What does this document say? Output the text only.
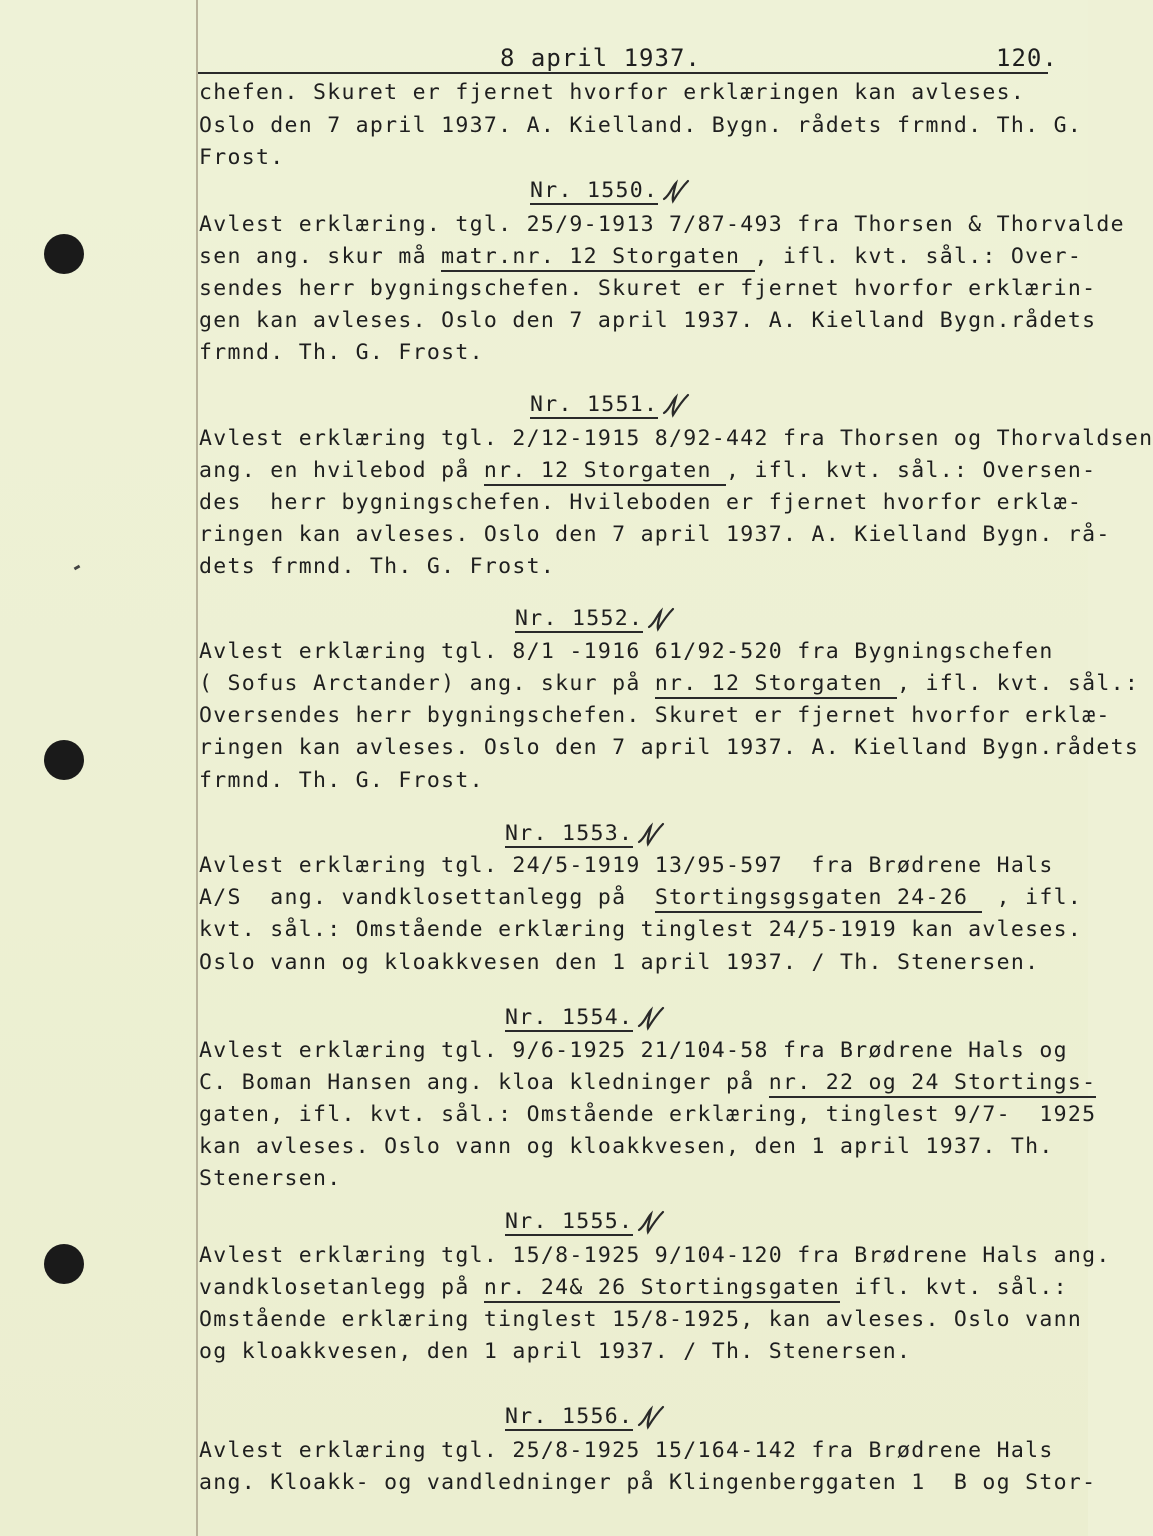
8 april 1937.	120.
chefen. Skuret er fjernet hvorfor erklæringen kan avleses.
Oslo den 7 april 1937. A. Kielland. Bygn. rådets frmnd. Th. G.
Frost.
Nr. 1550.
Avlest erklæring. tgl. 25/9-1913 7/87-493 fra Thorsen & Thorvalde
sen ang. skur må matr.nr. 12 Storgaten , ifl. kvt. sål.: Over-
sendes herr bygningschefen. Skuret er fjernet hvorfor erklærin-
gen kan avleses. Oslo den 7 april 1937. A. Kielland Bygn.rådets
frmnd. Th. G. Frost.
Nr. 1551.
Avlest erklæring tgl. 2/12-1915 8/92-442 fra Thorsen og Thorvaldsen
ang. en hvilebod på nr. 12 Storgaten , ifl. kvt. sål.: Oversen-
des  herr bygningschefen. Hvileboden er fjernet hvorfor erklæ-
ringen kan avleses. Oslo den 7 april 1937. A. Kielland Bygn. rå-
dets frmnd. Th. G. Frost.
Nr. 1552.
Avlest erklæring tgl. 8/1 -1916 61/92-520 fra Bygningschefen
( Sofus Arctander) ang. skur på nr. 12 Storgaten , ifl. kvt. sål.:
Oversendes herr bygningschefen. Skuret er fjernet hvorfor erklæ-
ringen kan avleses. Oslo den 7 april 1937. A. Kielland Bygn.rådets
frmnd. Th. G. Frost.
Nr. 1553.
Avlest erklæring tgl. 24/5-1919 13/95-597  fra Brødrene Hals
A/S  ang. vandklosettanlegg på  Stortingsgsgaten 24-26  , ifl.
kvt. sål.: Omstående erklæring tinglest 24/5-1919 kan avleses.
Oslo vann og kloakkvesen den 1 april 1937. / Th. Stenersen.
Nr. 1554.
Avlest erklæring tgl. 9/6-1925 21/104-58 fra Brødrene Hals og
C. Boman Hansen ang. kloa kledninger på nr. 22 og 24 Stortings-
gaten, ifl. kvt. sål.: Omstående erklæring, tinglest 9/7-  1925
kan avleses. Oslo vann og kloakkvesen, den 1 april 1937. Th.
Stenersen.
Nr. 1555.
Avlest erklæring tgl. 15/8-1925 9/104-120 fra Brødrene Hals ang.
vandklosetanlegg på nr. 24& 26 Stortingsgaten ifl. kvt. sål.:
Omstående erklæring tinglest 15/8-1925, kan avleses. Oslo vann
og kloakkvesen, den 1 april 1937. / Th. Stenersen.
Nr. 1556.
Avlest erklæring tgl. 25/8-1925 15/164-142 fra Brødrene Hals
ang. Kloakk- og vandledninger på Klingenberggaten 1  B og Stor-
